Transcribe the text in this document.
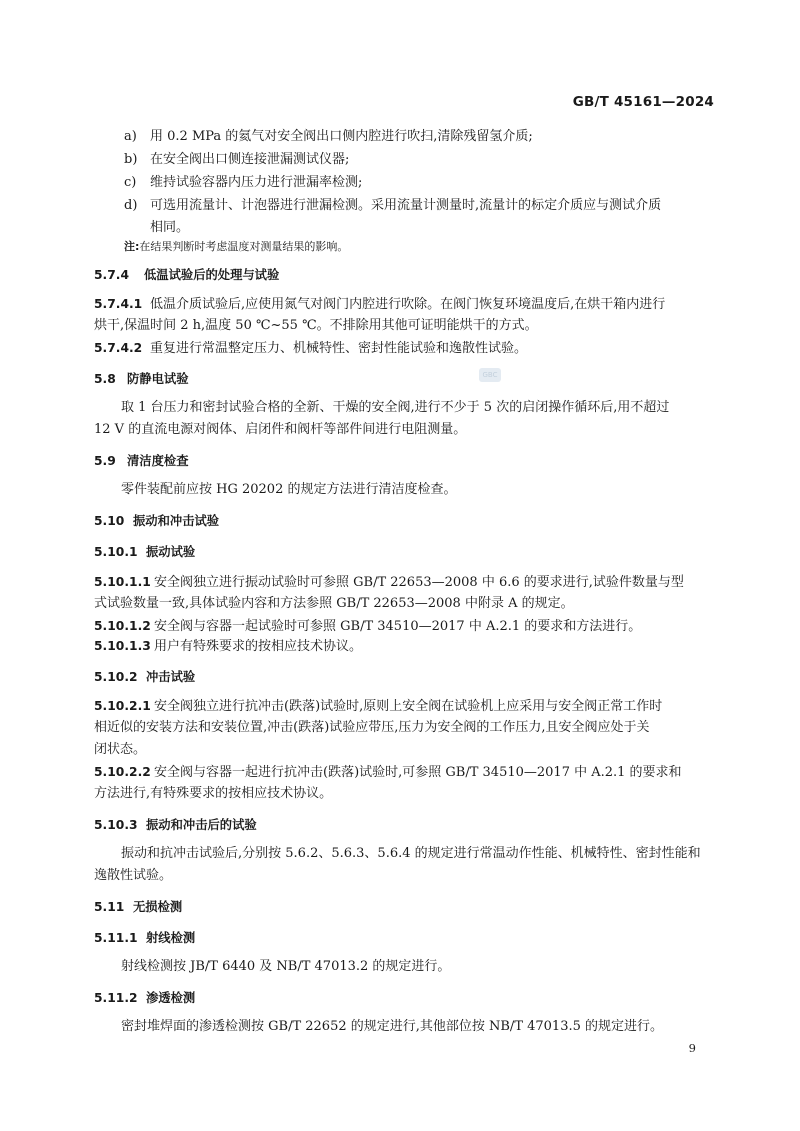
GB/T 45161—2024
GBC
a) 用 0.2 MPa 的氦气对安全阀出口侧内腔进行吹扫,清除残留氢介质;
b) 在安全阀出口侧连接泄漏测试仪器;
c) 维持试验容器内压力进行泄漏率检测;
d) 可选用流量计、计泡器进行泄漏检测。采用流量计测量时,流量计的标定介质应与测试介质
相同。
注:在结果判断时考虑温度对测量结果的影响。
5.7.4 低温试验后的处理与试验
5.7.4.1 低温介质试验后,应使用氮气对阀门内腔进行吹除。在阀门恢复环境温度后,在烘干箱内进行
烘干,保温时间 2 h,温度 50 ℃~55 ℃。不排除用其他可证明能烘干的方式。
5.7.4.2 重复进行常温整定压力、机械特性、密封性能试验和逸散性试验。
5.8 防静电试验
取 1 台压力和密封试验合格的全新、干燥的安全阀,进行不少于 5 次的启闭操作循环后,用不超过
12 V 的直流电源对阀体、启闭件和阀杆等部件间进行电阻测量。
5.9 清洁度检查
零件装配前应按 HG 20202 的规定方法进行清洁度检查。
5.10 振动和冲击试验
5.10.1 振动试验
5.10.1.1 安全阀独立进行振动试验时可参照 GB/T 22653—2008 中 6.6 的要求进行,试验件数量与型
式试验数量一致,具体试验内容和方法参照 GB/T 22653—2008 中附录 A 的规定。
5.10.1.2 安全阀与容器一起试验时可参照 GB/T 34510—2017 中 A.2.1 的要求和方法进行。
5.10.1.3 用户有特殊要求的按相应技术协议。
5.10.2 冲击试验
5.10.2.1 安全阀独立进行抗冲击(跌落)试验时,原则上安全阀在试验机上应采用与安全阀正常工作时
相近似的安装方法和安装位置,冲击(跌落)试验应带压,压力为安全阀的工作压力,且安全阀应处于关
闭状态。
5.10.2.2 安全阀与容器一起进行抗冲击(跌落)试验时,可参照 GB/T 34510—2017 中 A.2.1 的要求和
方法进行,有特殊要求的按相应技术协议。
5.10.3 振动和冲击后的试验
振动和抗冲击试验后,分别按 5.6.2、5.6.3、5.6.4 的规定进行常温动作性能、机械特性、密封性能和
逸散性试验。
5.11 无损检测
5.11.1 射线检测
射线检测按 JB/T 6440 及 NB/T 47013.2 的规定进行。
5.11.2 渗透检测
密封堆焊面的渗透检测按 GB/T 22652 的规定进行,其他部位按 NB/T 47013.5 的规定进行。
9
